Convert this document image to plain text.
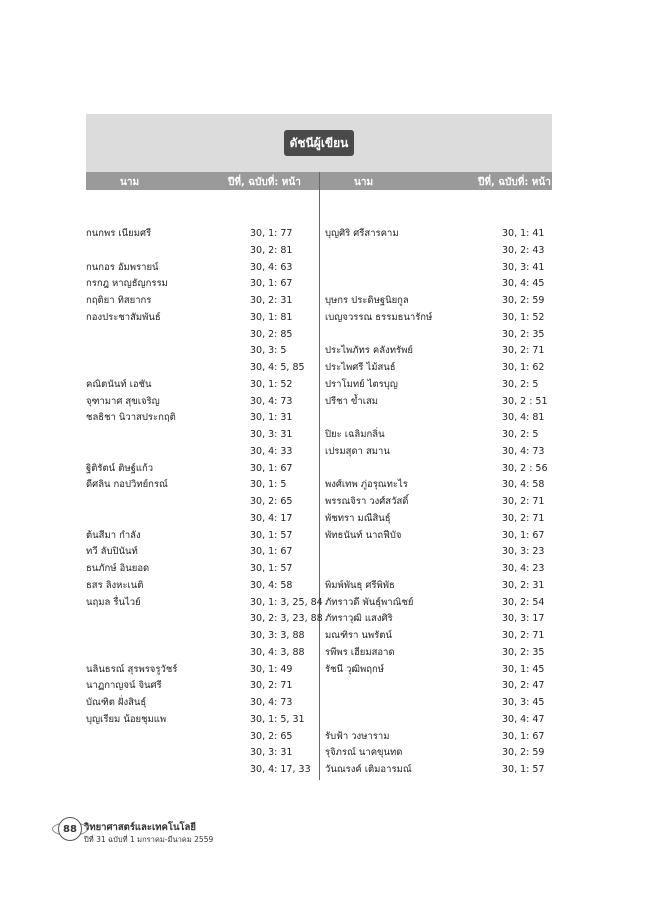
ดัชนีผู้เขียน
นาม	ปีที่, ฉบับที่: หน้า	นาม	ปีที่, ฉบับที่: หน้า
กนกพร เนียมศรี	30, 1: 77
30, 2: 81
กนกอร อัมพรายน์	30, 4: 63
กรกฎ หาญธัญกรรม	30, 1: 67
กฤติยา ทิสยากร	30, 2: 31
กองประชาสัมพันธ์	30, 1: 81
30, 2: 85
30, 3: 5
30, 4: 5, 85
คณิตนันท์ เอชัน	30, 1: 52
จุฑามาศ สุขเจริญ	30, 4: 73
ชลธิชา นิวาสประกฤติ	30, 1: 31
30, 3: 31
30, 4: 33
ฐิติรัตน์ ติษฐ์แก้ว	30, 1: 67
ดีศลิน กอปวิทย์กรณ์	30, 1: 5
30, 2: 65
30, 4: 17
ต้นสีมา กำลัง	30, 1: 57
ทวี ลับปินันท์	30, 1: 67
ธนภักษ์ อินยอด	30, 1: 57
ธสร ลิงหะเนติ	30, 4: 58
นฤมล รื่นไวย์	30, 1: 3, 25, 84
30, 2: 3, 23, 88
30, 3: 3, 88
30, 4: 3, 88
นลินธรณ์ สุรพรจรูวัชร์	30, 1: 49
นาฏกาญจน์ จินศรี	30, 2: 71
บัณฑิต ฝั่งสินธุ์	30, 4: 73
บุญเรียม น้อยชุมแพ	30, 1: 5, 31
30, 2: 65
30, 3: 31
30, 4: 17, 33
บุญศิริ ศรีสารคาม	30, 1: 41
30, 2: 43
30, 3: 41
30, 4: 45
บุษกร ประดิษฐนิยกูล	30, 2: 59
เบญจวรรณ ธรรมธนารักษ์	30, 1: 52
30, 2: 35
ประไพภัทร คลังทรัพย์	30, 2: 71
ประไพศรี ไม้สนธ์	30, 1: 62
ปราโมทย์ ไตรบุญ	30, 2: 5
ปรีชา ข้ำเสม	30, 2 : 51
30, 4: 81
ปิยะ เฉลิมกลิ่น	30, 2: 5
เปรมสุดา สมาน	30, 4: 73
30, 2 : 56
พงศ์เทพ ภู่อรุณทะไร	30, 4: 58
พรรณจิรา วงศ์สวัสดิ์	30, 2: 71
พัชทรา มณีสินธุ์	30, 2: 71
พัทธนันท์ นาถฟีบัจ	30, 1: 67
30, 3: 23
30, 4: 23
พิมพ์พันธุ ศรีพิพัธ	30, 2: 31
ภัทราวดี พันธุ์พาณิชย์	30, 2: 54
ภัทราวุฒิ แสงศิริ	30, 3: 17
มณฑิรา นพรัตน์	30, 2: 71
รพีพร เฮียมสอาด	30, 2: 35
รัชนี วุฒิพฤกษ์	30, 1: 45
30, 2: 47
30, 3: 45
30, 4: 47
รับฟ้า วงษาราม	30, 1: 67
รุจิภรณ์ นาคขุนทด	30, 2: 59
วันณรงค์ เติมอารมณ์	30, 1: 57
88 วิทยาศาสตร์และเทคโนโลยี
ปีที่ 31 ฉบับที่ 1 มกราคม-มีนาคม 2559
